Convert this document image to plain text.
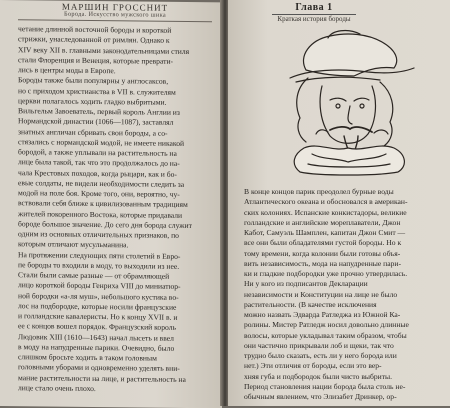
МАРШИН ГРОССНИТ
Борода. Искусство мужского шика

четание длинной восточной бороды и короткой

стрижки, унаследованной от римлян. Однако к

XIV веку XII в. главными законодательницами стиля

стали Флоренция и Венеция, которые преврати-

лись в центры моды в Европе.

Бороды также были популярны у англосаксов,

но с приходом христианства в VII в. служителям

церкви полагалось ходить гладко выбритыми.

Вильгельм Завоеватель, первый король Англии из

Нормандской династии (1066—1087), заставлял

знатных англичан сбривать свои бороды, а со-

стязались с нормандской модой, не имеете никакой

бородой, а также уплывали на растительность на

лице была такой, так что это продолжалось до на-

чала Крестовых походов, когда рыцари, как и бо-

евые солдаты, не видели необходимости следить за

модой на поле боя. Кроме того, они, вероятно, чу-

вствовали себя ближе к цивилизованным традициям

жителей покоренного Востока, которые придавали

бороде большое значение. До сего дня борода служит

одним из основных отличительных признаков, по

которым отличают мусульманина.

На протяжении следующих пяти столетий в Евро-

пе бороды то входили в моду, то выходили из нее.

Стали были самые разные — от обрамляющей

лицо короткой бороды Генриха VIII до миниатюр-

ной бородки «а-ля муш», небольшого кустика во-

лос на подбородке, которые носили французские

и голландские кавалеристы. Но к концу XVII в. и

ее с концов вошел порядок. Французский король

Людовик XIII (1610—1643) начал лысеть и ввел

в моду на напудренные парики. Очевидно, было

слишком бросьте ходить в таком головным

головными уборами и одновременно уделять вни-

мание растительности на лице, и растительность на

лице стало очень плохо.

Глава 1
Краткая история бороды

В конце концов парик преодолел бурные воды

Атлантического океана и обосновался в американ-

ских колониях. Испанские конкистадоры, великие

голландские и английские мореплаватели, Джон

Кабот, Самуэль Шамплен, капитан Джон Смит —

все они были обладателями густой бороды. Но к

тому времени, когда колонии были готовы объя-

вить независимость, мода на напудренные пари-

ки и гладкие подбородки уже прочно утвердилась.

Ни у кого из подписантов Декларации

независимости и Конституции на лице не было

растительности. (В качестве исключения

можно назвать Эдварда Ратледжа из Южной Ка-

ролины. Мистер Ратледж носил довольно длинные

волосы, которые укладывал таким образом, чтобы

они частично прикрывали лоб и щеки, так что

трудно было сказать, есть ли у него борода или

нет.) Эти отличия от бороды, если это вер-

хняя губа и подбородок были чисто выбриты.

Период становления нации борода была столь не-

обычным явлением, что Элизабет Дринкер, ор-
